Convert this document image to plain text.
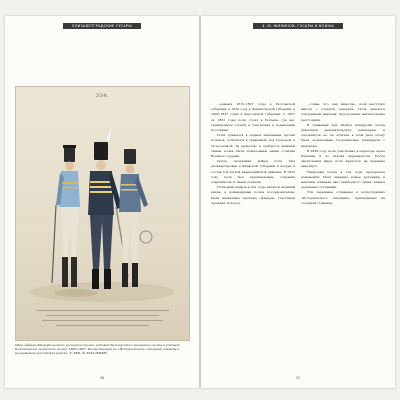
ЕЛИЗАВЕТГРАДСКИЕ ГУСАРЫ
334.
Обер-офицер Мариупольского гусарского полка, рядовой Белорусского гусарского полка и рядовой Клястицкого гусарского полка, 1826–1827. Иллюстрация из «Исторического описания одежды и вооружения российских войск», Т. XXII, № 3334 (ВИХВ)
36
4. М. ЖИЛИНОВ. ГУСАРЫ И ВОЙНЫ

…ременя 1815–1827 годы в Полтавской губернии, в 1820 году в Черниговской губернии, в 1826–1827 годах в Херсонской губернии. С 1827 по 1831 годы полк стоял в Польше, где нёс гарнизонную службу и участвовал в подавлении восстания.

Полк сражался в первых кампаниях против поляков, отличился в сражениях под Гроховом и Остроленкой. За мужество и храбрость нижним чинам полка были пожалованы знаки отличия Военного ордена.

После окончания войны полк был расквартирован в Киевской губернии и входил в состав 2-й лёгкой кавалерийской дивизии. В 1833 году полк был переименован, сохранив старшинство и знаки отличия.

Полковым шефом в эти годы являлся великий князь, а командирами полка последовательно были назначены опытные офицеры, участники прежних походов.

…слава, что, как известно, полк выступил вместе с отрядом генерала. Полк двигался ускоренным маршем, преодолевая значительные расстояния.

В сражении при Шумле эскадроны полка атаковали неприятельскую кавалерию и опрокинули её. За отличие в этом деле полку были пожалованы Георгиевские штандарты с надписью.

В 1829 году полк участвовал в переходе через Балканы и во взятии Адрианополя. После заключения мира полк вернулся на прежние квартиры.

Униформа полка в эти годы претерпела изменения: были введены новые доломаны и ментики, изменён цвет приборного сукна, кивера украшены султанами.

Эти перемены отражены в иллюстрациях «Исторического описания», приведённых на соседней странице.

37
